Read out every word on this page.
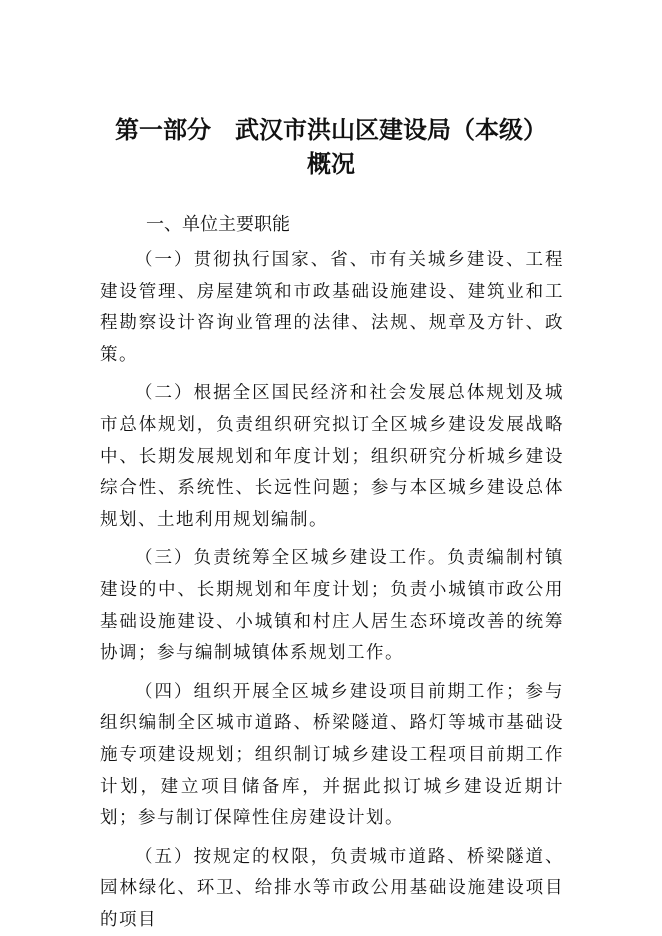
第一部分　武汉市洪山区建设局（本级）
概况
一、单位主要职能

（一）贯彻执行国家、省、市有关城乡建设、工程建设管理、房屋建筑和市政基础设施建设、建筑业和工程勘察设计咨询业管理的法律、法规、规章及方针、政策。

（二）根据全区国民经济和社会发展总体规划及城市总体规划，负责组织研究拟订全区城乡建设发展战略中、长期发展规划和年度计划；组织研究分析城乡建设综合性、系统性、长远性问题；参与本区城乡建设总体规划、土地利用规划编制。

（三）负责统筹全区城乡建设工作。负责编制村镇建设的中、长期规划和年度计划；负责小城镇市政公用基础设施建设、小城镇和村庄人居生态环境改善的统筹协调；参与编制城镇体系规划工作。

（四）组织开展全区城乡建设项目前期工作；参与组织编制全区城市道路、桥梁隧道、路灯等城市基础设施专项建设规划；组织制订城乡建设工程项目前期工作计划，建立项目储备库，并据此拟订城乡建设近期计划；参与制订保障性住房建设计划。

（五）按规定的权限，负责城市道路、桥梁隧道、园林绿化、环卫、给排水等市政公用基础设施建设项目的项目
